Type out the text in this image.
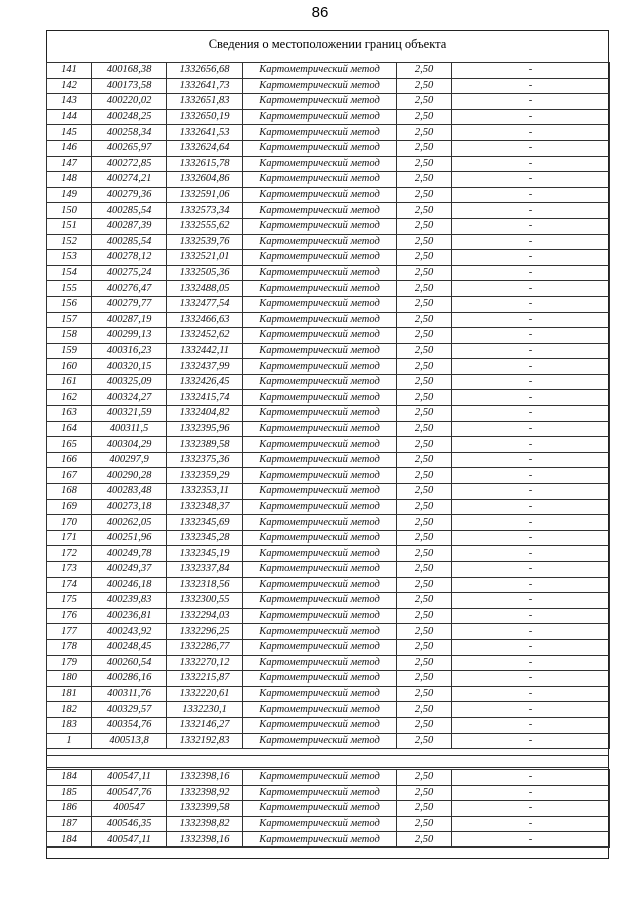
86
Сведения о местоположении границ объекта
141	400168,38	1332656,68	Картометрический метод	2,50	-
142	400173,58	1332641,73	Картометрический метод	2,50	-
143	400220,02	1332651,83	Картометрический метод	2,50	-
144	400248,25	1332650,19	Картометрический метод	2,50	-
145	400258,34	1332641,53	Картометрический метод	2,50	-
146	400265,97	1332624,64	Картометрический метод	2,50	-
147	400272,85	1332615,78	Картометрический метод	2,50	-
148	400274,21	1332604,86	Картометрический метод	2,50	-
149	400279,36	1332591,06	Картометрический метод	2,50	-
150	400285,54	1332573,34	Картометрический метод	2,50	-
151	400287,39	1332555,62	Картометрический метод	2,50	-
152	400285,54	1332539,76	Картометрический метод	2,50	-
153	400278,12	1332521,01	Картометрический метод	2,50	-
154	400275,24	1332505,36	Картометрический метод	2,50	-
155	400276,47	1332488,05	Картометрический метод	2,50	-
156	400279,77	1332477,54	Картометрический метод	2,50	-
157	400287,19	1332466,63	Картометрический метод	2,50	-
158	400299,13	1332452,62	Картометрический метод	2,50	-
159	400316,23	1332442,11	Картометрический метод	2,50	-
160	400320,15	1332437,99	Картометрический метод	2,50	-
161	400325,09	1332426,45	Картометрический метод	2,50	-
162	400324,27	1332415,74	Картометрический метод	2,50	-
163	400321,59	1332404,82	Картометрический метод	2,50	-
164	400311,5	1332395,96	Картометрический метод	2,50	-
165	400304,29	1332389,58	Картометрический метод	2,50	-
166	400297,9	1332375,36	Картометрический метод	2,50	-
167	400290,28	1332359,29	Картометрический метод	2,50	-
168	400283,48	1332353,11	Картометрический метод	2,50	-
169	400273,18	1332348,37	Картометрический метод	2,50	-
170	400262,05	1332345,69	Картометрический метод	2,50	-
171	400251,96	1332345,28	Картометрический метод	2,50	-
172	400249,78	1332345,19	Картометрический метод	2,50	-
173	400249,37	1332337,84	Картометрический метод	2,50	-
174	400246,18	1332318,56	Картометрический метод	2,50	-
175	400239,83	1332300,55	Картометрический метод	2,50	-
176	400236,81	1332294,03	Картометрический метод	2,50	-
177	400243,92	1332296,25	Картометрический метод	2,50	-
178	400248,45	1332286,77	Картометрический метод	2,50	-
179	400260,54	1332270,12	Картометрический метод	2,50	-
180	400286,16	1332215,87	Картометрический метод	2,50	-
181	400311,76	1332220,61	Картометрический метод	2,50	-
182	400329,57	1332230,1	Картометрический метод	2,50	-
183	400354,76	1332146,27	Картометрический метод	2,50	-
1	400513,8	1332192,83	Картометрический метод	2,50	-
184	400547,11	1332398,16	Картометрический метод	2,50	-
185	400547,76	1332398,92	Картометрический метод	2,50	-
186	400547	1332399,58	Картометрический метод	2,50	-
187	400546,35	1332398,82	Картометрический метод	2,50	-
184	400547,11	1332398,16	Картометрический метод	2,50	-
